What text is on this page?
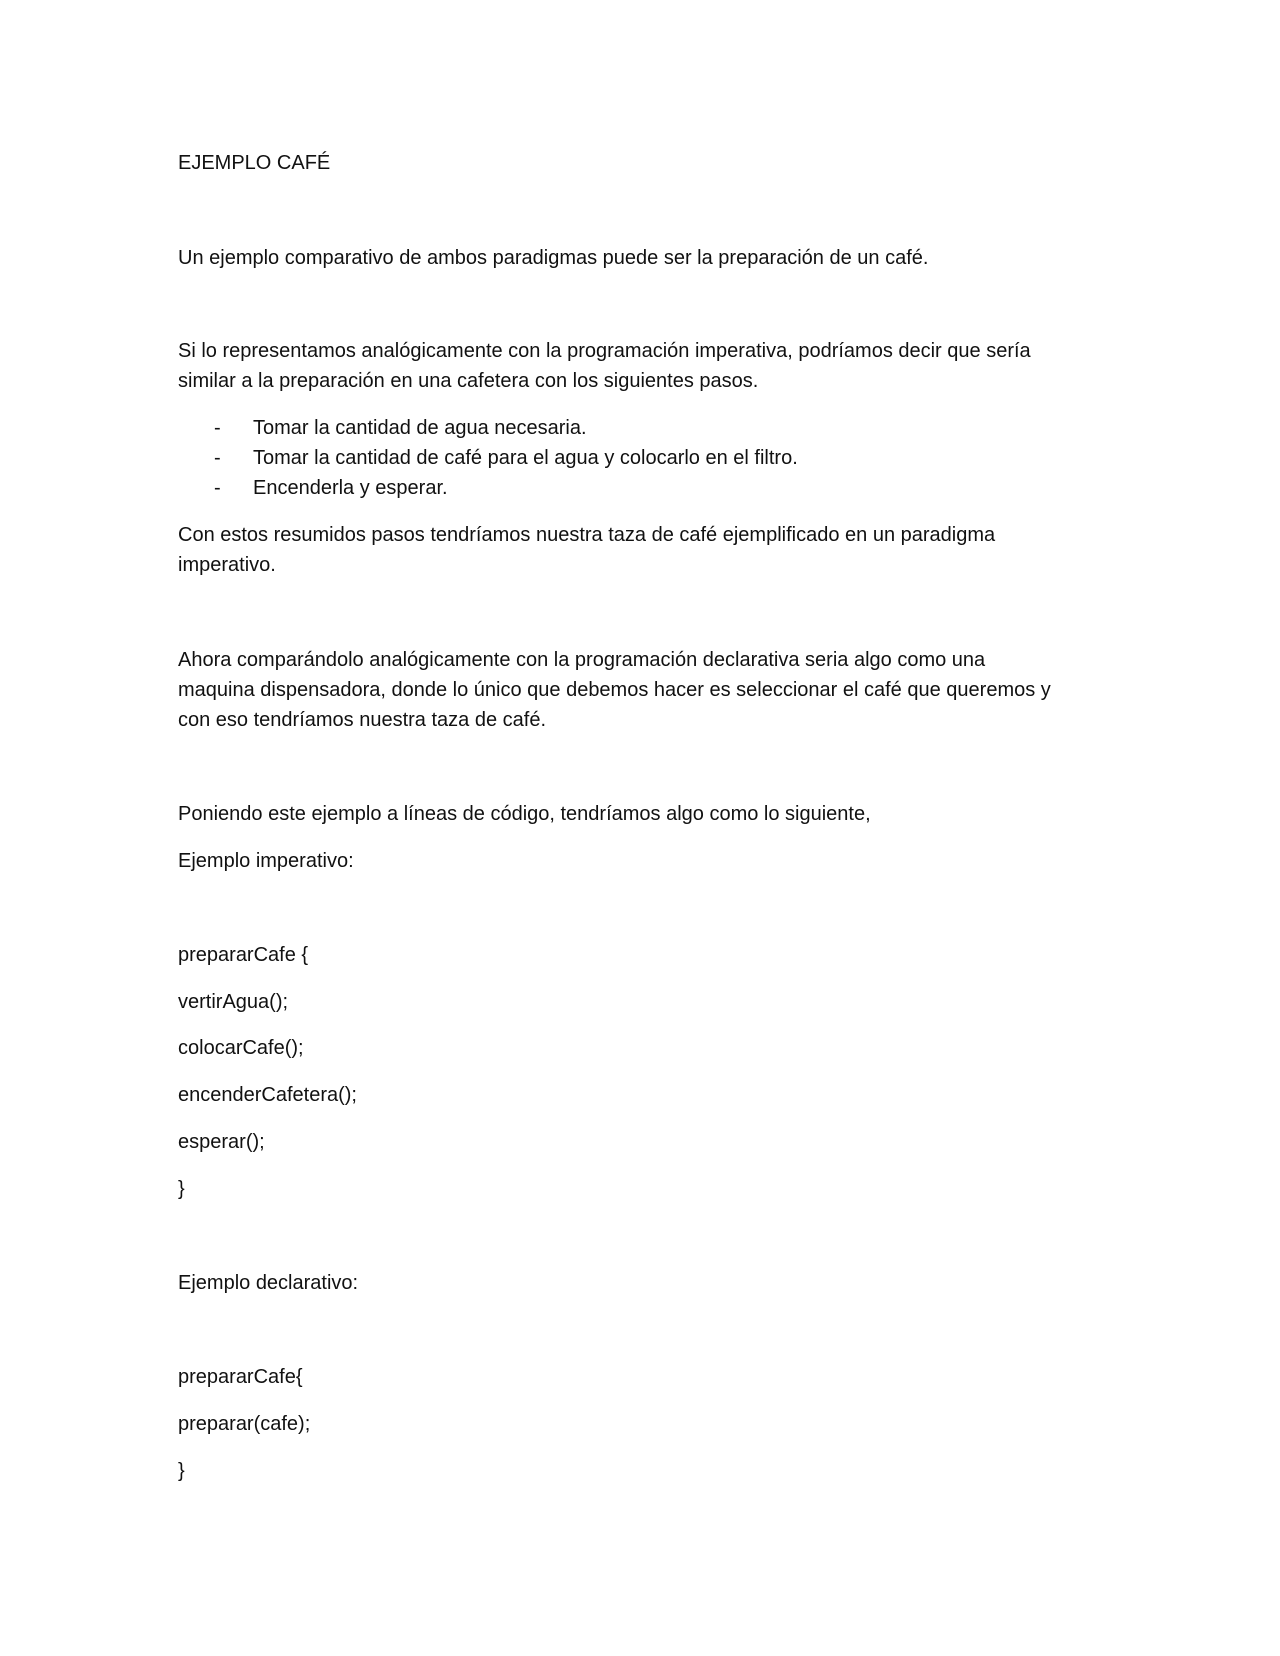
EJEMPLO CAFÉ
Un ejemplo comparativo de ambos paradigmas puede ser la preparación de un café.
Si lo representamos analógicamente con la programación imperativa, podríamos decir que sería
similar a la preparación en una cafetera con los siguientes pasos.
- Tomar la cantidad de agua necesaria.
- Tomar la cantidad de café para el agua y colocarlo en el filtro.
- Encenderla y esperar.
Con estos resumidos pasos tendríamos nuestra taza de café ejemplificado en un paradigma
imperativo.
Ahora comparándolo analógicamente con la programación declarativa seria algo como una
maquina dispensadora, donde lo único que debemos hacer es seleccionar el café que queremos y
con eso tendríamos nuestra taza de café.
Poniendo este ejemplo a líneas de código, tendríamos algo como lo siguiente,
Ejemplo imperativo:
prepararCafe {
vertirAgua();
colocarCafe();
encenderCafetera();
esperar();
}
Ejemplo declarativo:
prepararCafe{
preparar(cafe);
}
